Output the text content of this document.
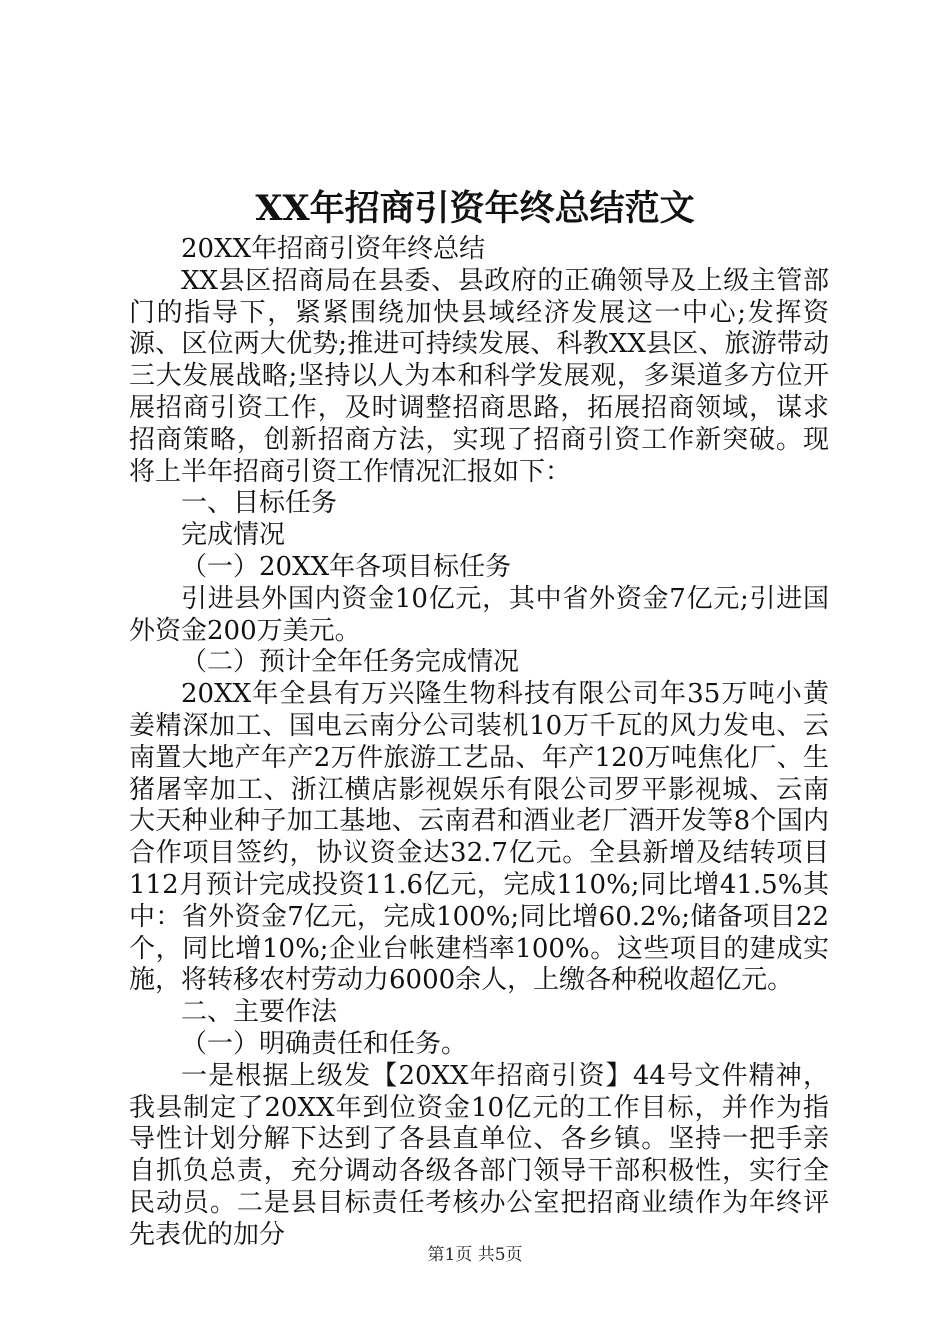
XX年招商引资年终总结范文

20XX年招商引资年终总结

XX县区招商局在县委、县政府的正确领导及上级主管部门的指导下，紧紧围绕加快县域经济发展这一中心;发挥资源、区位两大优势;推进可持续发展、科教XX县区、旅游带动三大发展战略;坚持以人为本和科学发展观，多渠道多方位开展招商引资工作，及时调整招商思路，拓展招商领域，谋求招商策略，创新招商方法，实现了招商引资工作新突破。现将上半年招商引资工作情况汇报如下：

一、目标任务

完成情况

（一）20XX年各项目标任务

引进县外国内资金10亿元，其中省外资金7亿元;引进国外资金200万美元。

（二）预计全年任务完成情况

20XX年全县有万兴隆生物科技有限公司年35万吨小黄姜精深加工、国电云南分公司装机10万千瓦的风力发电、云南置大地产年产2万件旅游工艺品、年产120万吨焦化厂、生猪屠宰加工、浙江横店影视娱乐有限公司罗平影视城、云南大天种业种子加工基地、云南君和酒业老厂酒开发等8个国内合作项目签约，协议资金达32.7亿元。全县新增及结转项目112月预计完成投资11.6亿元，完成110%;同比增41.5%其中：省外资金7亿元，完成100%;同比增60.2%;储备项目22个，同比增10%;企业台帐建档率100%。这些项目的建成实施，将转移农村劳动力6000余人，上缴各种税收超亿元。

二、主要作法

（一）明确责任和任务。

一是根据上级发【20XX年招商引资】44号文件精神，我县制定了20XX年到位资金10亿元的工作目标，并作为指导性计划分解下达到了各县直单位、各乡镇。坚持一把手亲自抓负总责，充分调动各级各部门领导干部积极性，实行全民动员。二是县目标责任考核办公室把招商业绩作为年终评先表优的加分

第1页 共5页
